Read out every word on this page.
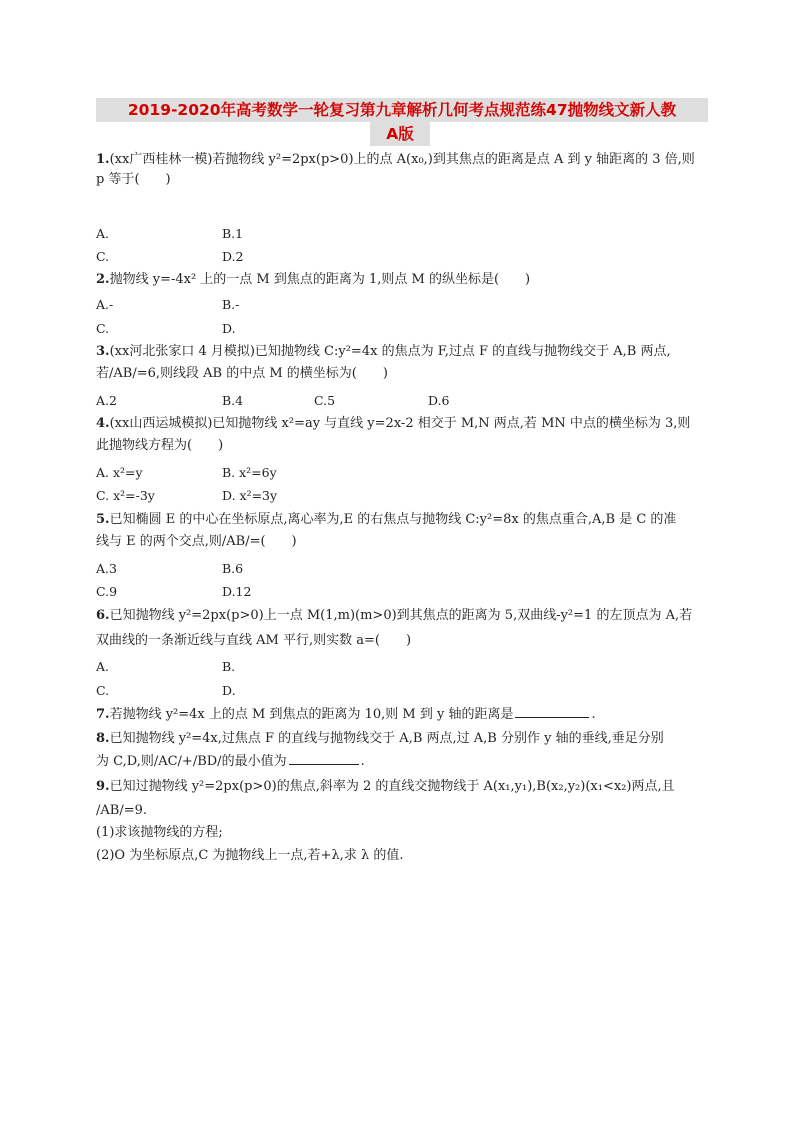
2019-2020年高考数学一轮复习第九章解析几何考点规范练47抛物线文新人教
A版
1.(xx广西桂林一模)若抛物线 y²=2px(p>0)上的点 A(x₀,)到其焦点的距离是点 A 到 y 轴距离的 3 倍,则
p 等于(　　)
A.	B.1
C.	D.2
2.抛物线 y=-4x² 上的一点 M 到焦点的距离为 1,则点 M 的纵坐标是(　　)
A.-	B.-
C.	D.
3.(xx河北张家口 4 月模拟)已知抛物线 C:y²=4x 的焦点为 F,过点 F 的直线与抛物线交于 A,B 两点,
若/AB/=6,则线段 AB 的中点 M 的横坐标为(　　)
A.2	B.4	C.5	D.6
4.(xx山西运城模拟)已知抛物线 x²=ay 与直线 y=2x-2 相交于 M,N 两点,若 MN 中点的横坐标为 3,则
此抛物线方程为(　　)
A. x²=y	B. x²=6y
C. x²=-3y	D. x²=3y
5.已知椭圆 E 的中心在坐标原点,离心率为,E 的右焦点与抛物线 C:y²=8x 的焦点重合,A,B 是 C 的准
线与 E 的两个交点,则/AB/=(　　)
A.3	B.6
C.9	D.12
6.已知抛物线 y²=2px(p>0)上一点 M(1,m)(m>0)到其焦点的距离为 5,双曲线-y²=1 的左顶点为 A,若
双曲线的一条渐近线与直线 AM 平行,则实数 a=(　　)
A.	B.
C.	D.
7.若抛物线 y²=4x 上的点 M 到焦点的距离为 10,则 M 到 y 轴的距离是	.
8.已知抛物线 y²=4x,过焦点 F 的直线与抛物线交于 A,B 两点,过 A,B 分别作 y 轴的垂线,垂足分别
为 C,D,则/AC/+/BD/的最小值为	.
9.已知过抛物线 y²=2px(p>0)的焦点,斜率为 2 的直线交抛物线于 A(x₁,y₁),B(x₂,y₂)(x₁<x₂)两点,且
/AB/=9.
(1)求该抛物线的方程;
(2)O 为坐标原点,C 为抛物线上一点,若+λ,求 λ 的值.
